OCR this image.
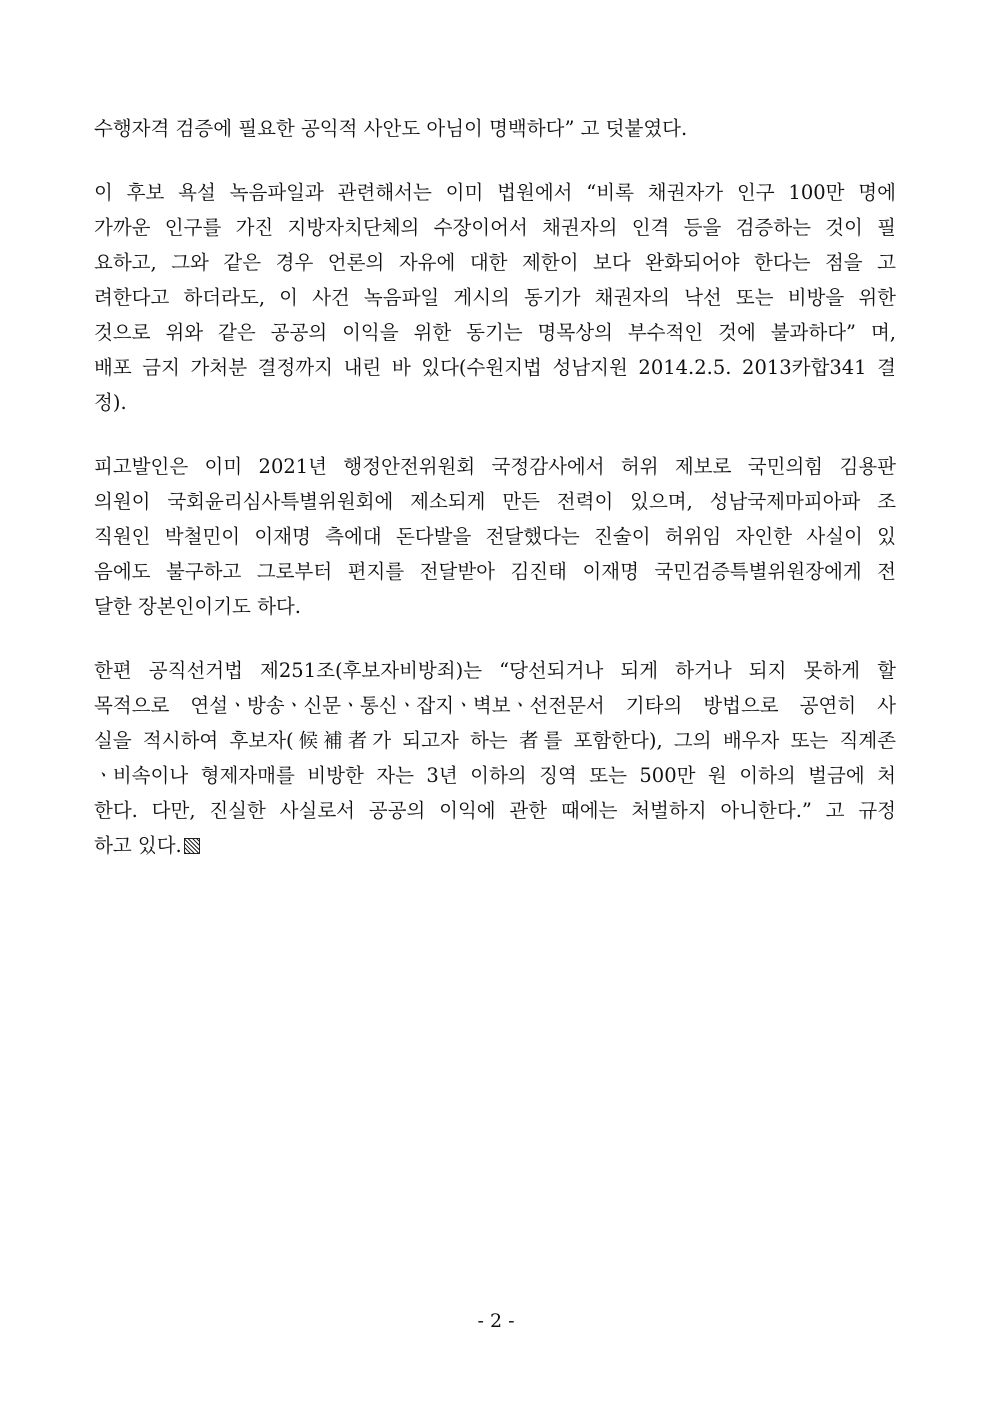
수행자격 검증에 필요한 공익적 사안도 아님이 명백하다” 고 덧붙였다.
이 후보 욕설 녹음파일과 관련해서는 이미 법원에서 “비록 채권자가 인구 100만 명에
가까운 인구를 가진 지방자치단체의 수장이어서 채권자의 인격 등을 검증하는 것이 필
요하고, 그와 같은 경우 언론의 자유에 대한 제한이 보다 완화되어야 한다는 점을 고
려한다고 하더라도, 이 사건 녹음파일 게시의 동기가 채권자의 낙선 또는 비방을 위한
것으로 위와 같은 공공의 이익을 위한 동기는 명목상의 부수적인 것에 불과하다” 며,
배포 금지 가처분 결정까지 내린 바 있다(수원지법 성남지원 2014.2.5. 2013카합341 결
정).
피고발인은 이미 2021년 행정안전위원회 국정감사에서 허위 제보로 국민의힘 김용판
의원이 국회윤리심사특별위원회에 제소되게 만든 전력이 있으며, 성남국제마피아파 조
직원인 박철민이 이재명 측에대 돈다발을 전달했다는 진술이 허위임 자인한 사실이 있
음에도 불구하고 그로부터 편지를 전달받아 김진태 이재명 국민검증특별위원장에게 전
달한 장본인이기도 하다.
한편 공직선거법 제251조(후보자비방죄)는 “당선되거나 되게 하거나 되지 못하게 할
목적으로 연설ㆍ방송ㆍ신문ㆍ통신ㆍ잡지ㆍ벽보ㆍ선전문서 기타의 방법으로 공연히 사
실을 적시하여 후보자(候補者가 되고자 하는 者를 포함한다), 그의 배우자 또는 직계존
ㆍ비속이나 형제자매를 비방한 자는 3년 이하의 징역 또는 500만 원 이하의 벌금에 처
한다. 다만, 진실한 사실로서 공공의 이익에 관한 때에는 처벌하지 아니한다.” 고 규정
하고 있다.
- 2 -
